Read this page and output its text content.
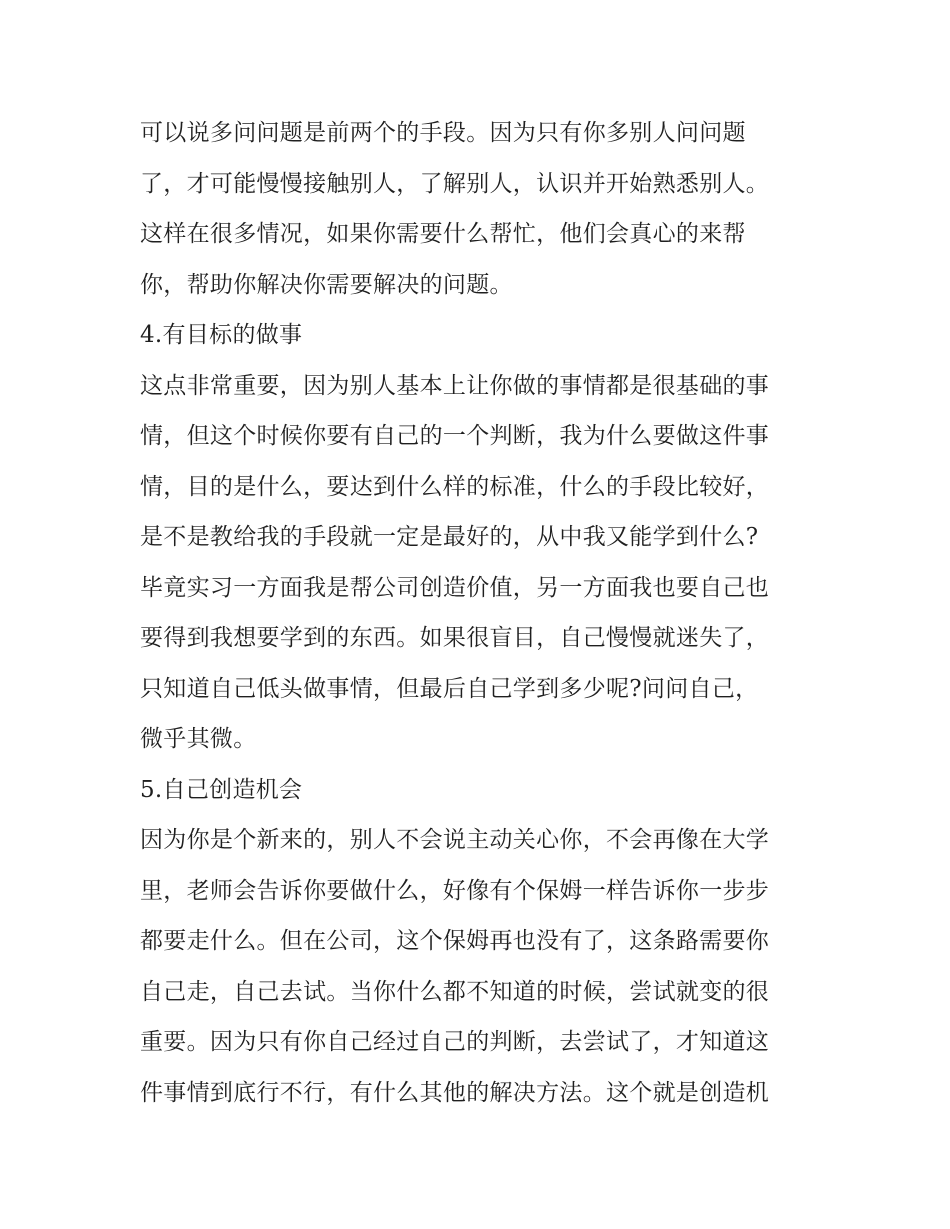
可以说多问问题是前两个的手段。因为只有你多别人问问题
了，才可能慢慢接触别人，了解别人，认识并开始熟悉别人。
这样在很多情况，如果你需要什么帮忙，他们会真心的来帮
你，帮助你解决你需要解决的问题。
4.有目标的做事
这点非常重要，因为别人基本上让你做的事情都是很基础的事
情，但这个时候你要有自己的一个判断，我为什么要做这件事
情，目的是什么，要达到什么样的标准，什么的手段比较好，
是不是教给我的手段就一定是最好的，从中我又能学到什么?
毕竟实习一方面我是帮公司创造价值，另一方面我也要自己也
要得到我想要学到的东西。如果很盲目，自己慢慢就迷失了，
只知道自己低头做事情，但最后自己学到多少呢?问问自己，
微乎其微。
5.自己创造机会
因为你是个新来的，别人不会说主动关心你，不会再像在大学
里，老师会告诉你要做什么，好像有个保姆一样告诉你一步步
都要走什么。但在公司，这个保姆再也没有了，这条路需要你
自己走，自己去试。当你什么都不知道的时候，尝试就变的很
重要。因为只有你自己经过自己的判断，去尝试了，才知道这
件事情到底行不行，有什么其他的解决方法。这个就是创造机
